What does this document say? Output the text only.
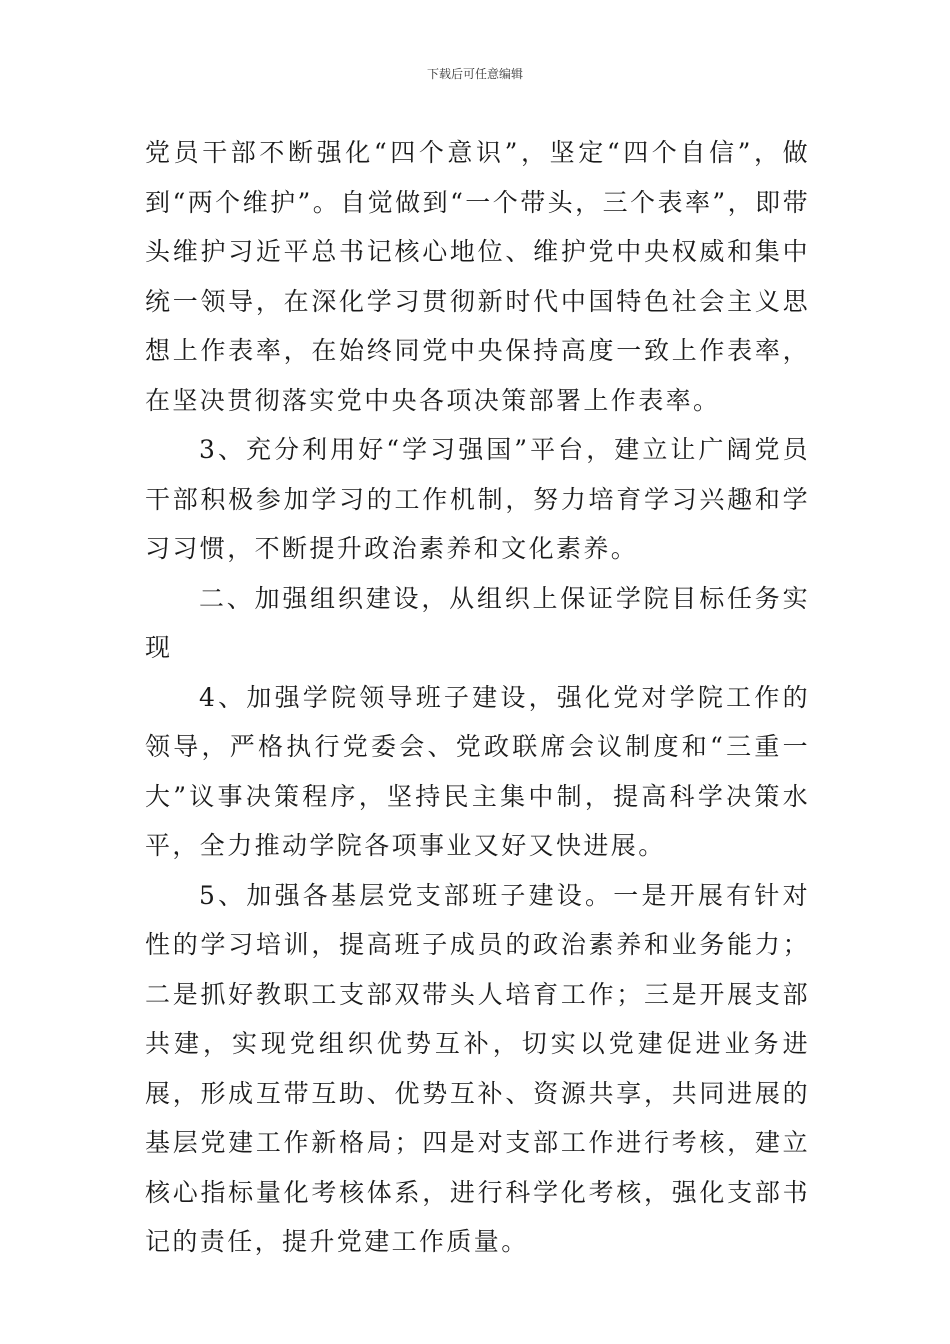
下载后可任意编辑

党员干部不断强化“四个意识”，坚定“四个自信”，做到“两个维护”。自觉做到“一个带头，三个表率”，即带头维护习近平总书记核心地位、维护党中央权威和集中统一领导，在深化学习贯彻新时代中国特色社会主义思想上作表率，在始终同党中央保持高度一致上作表率，在坚决贯彻落实党中央各项决策部署上作表率。

3、充分利用好“学习强国”平台，建立让广阔党员干部积极参加学习的工作机制，努力培育学习兴趣和学习习惯，不断提升政治素养和文化素养。

二、加强组织建设，从组织上保证学院目标任务实现

4、加强学院领导班子建设，强化党对学院工作的领导，严格执行党委会、党政联席会议制度和“三重一大”议事决策程序，坚持民主集中制，提高科学决策水平，全力推动学院各项事业又好又快进展。

5、加强各基层党支部班子建设。一是开展有针对性的学习培训，提高班子成员的政治素养和业务能力；二是抓好教职工支部双带头人培育工作；三是开展支部共建，实现党组织优势互补，切实以党建促进业务进展，形成互带互助、优势互补、资源共享，共同进展的基层党建工作新格局；四是对支部工作进行考核，建立核心指标量化考核体系，进行科学化考核，强化支部书记的责任，提升党建工作质量。
